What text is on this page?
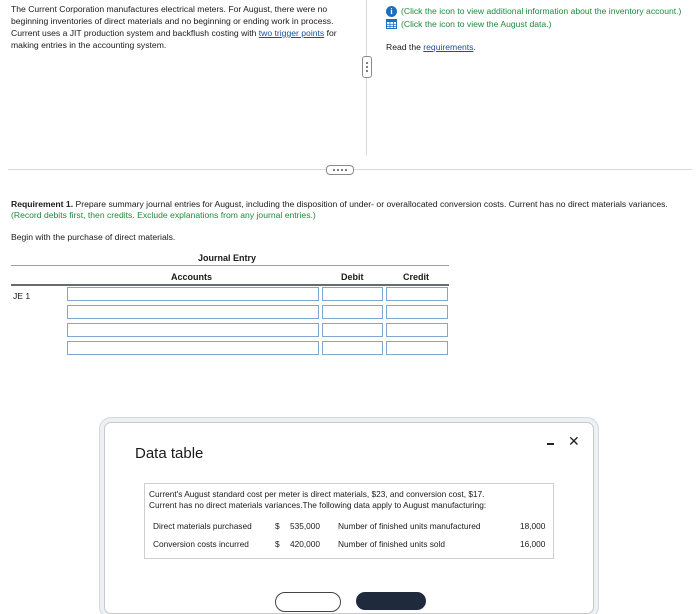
The Current Corporation manufactures electrical meters. For August, there were no beginning inventories of direct materials and no beginning or ending work in process. Current uses a JIT production system and backflush costing with two trigger points for making entries in the accounting system.

i (Click the icon to view additional information about the inventory account.)
(Click the icon to view the August data.)
Read the requirements.
Requirement 1. Prepare summary journal entries for August, including the disposition of under- or overallocated conversion costs. Current has no direct materials variances. (Record debits first, then credits. Exclude explanations from any journal entries.)
Begin with the purchase of direct materials.
Journal Entry
Accounts	Debit	Credit
JE 1
Data table
✕
Current's August standard cost per meter is direct materials, $23, and conversion cost, $17.
Current has no direct materials variances.The following data apply to August manufacturing:
Direct materials purchased	$ 535,000 Number of finished units manufactured	18,000
Conversion costs incurred	$ 420,000 Number of finished units sold	16,000
